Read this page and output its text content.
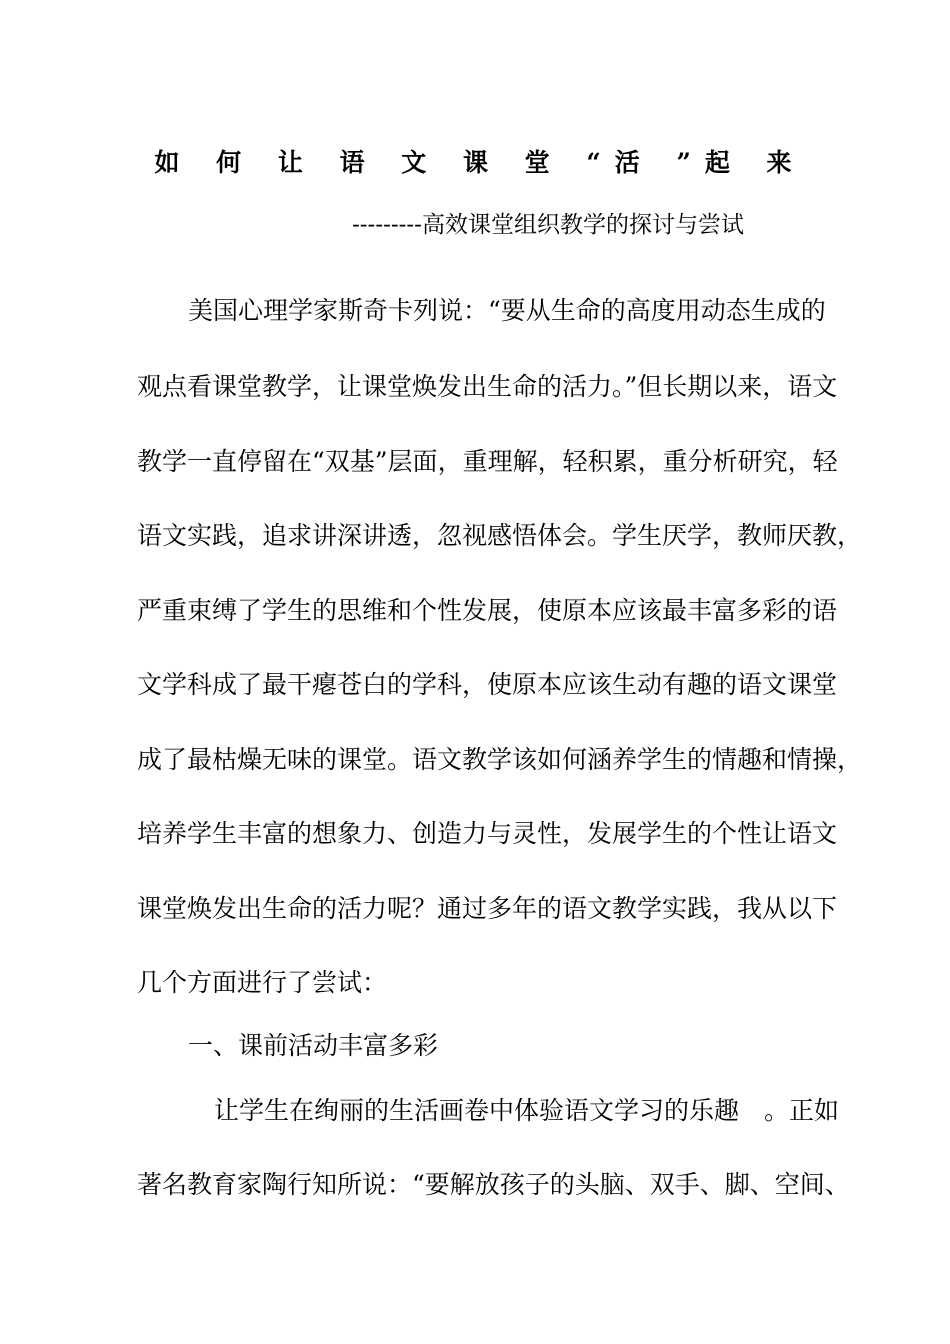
如 何 让 语 文 课 堂 “活 ”起 来
---------高效课堂组织教学的探讨与尝试
美国心理学家斯奇卡列说：“要从生命的高度用动态生成的
观点看课堂教学，让课堂焕发出生命的活力。”但长期以来，语文
教学一直停留在“双基”层面，重理解，轻积累，重分析研究，轻
语文实践，追求讲深讲透，忽视感悟体会。学生厌学，教师厌教，
严重束缚了学生的思维和个性发展，使原本应该最丰富多彩的语
文学科成了最干瘪苍白的学科，使原本应该生动有趣的语文课堂
成了最枯燥无味的课堂。语文教学该如何涵养学生的情趣和情操，
培养学生丰富的想象力、创造力与灵性，发展学生的个性让语文
课堂焕发出生命的活力呢？通过多年的语文教学实践，我从以下
几个方面进行了尝试：
一、课前活动丰富多彩
让学生在绚丽的生活画卷中体验语文学习的乐趣　。正如
著名教育家陶行知所说：“要解放孩子的头脑、双手、脚、空间、
